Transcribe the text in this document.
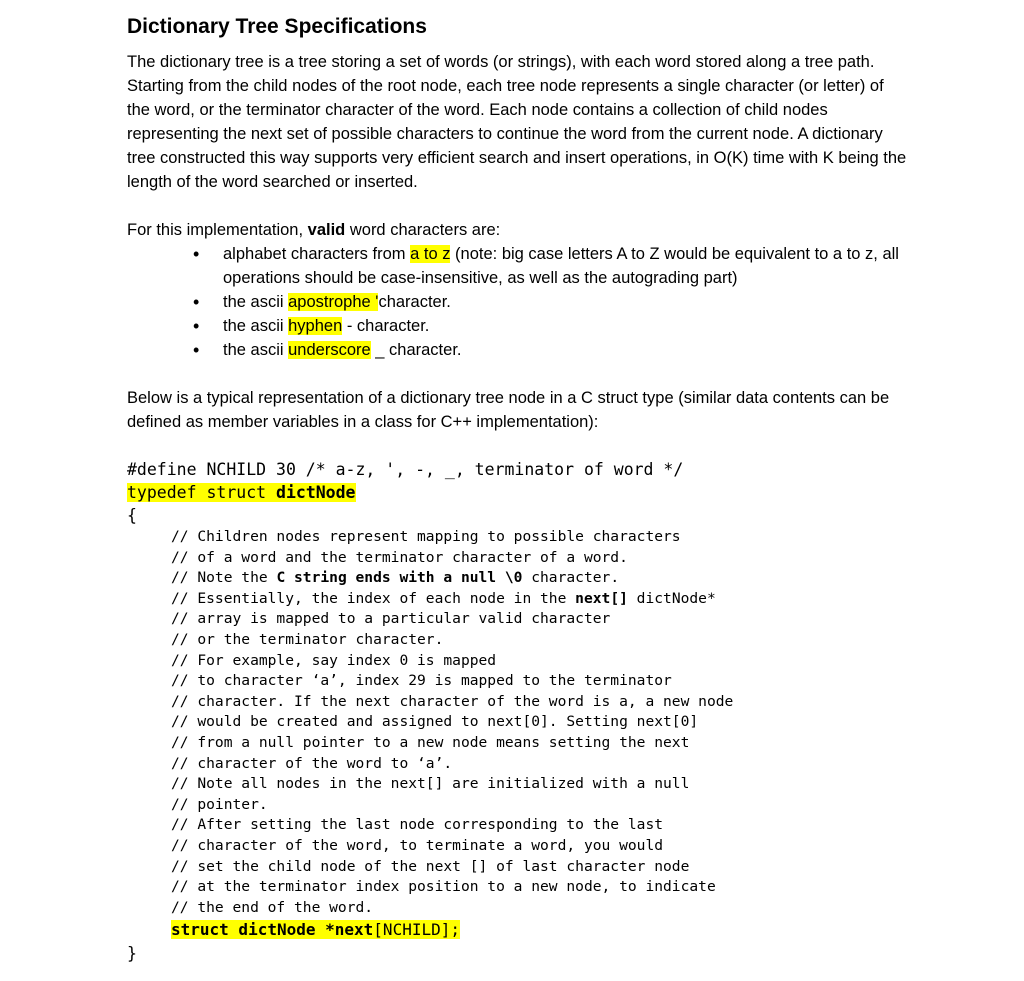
Dictionary Tree Specifications

The dictionary tree is a tree storing a set of words (or strings), with each word stored along a tree path. Starting from the child nodes of the root node, each tree node represents a single character (or letter) of the word, or the terminator character of the word. Each node contains a collection of child nodes representing the next set of possible characters to continue the word from the current node. A dictionary tree constructed this way supports very efficient search and insert operations, in O(K) time with K being the length of the word searched or inserted.

For this implementation, valid word characters are:

• alphabet characters from a to z (note: big case letters A to Z would be equivalent to a to z, all operations should be case-insensitive, as well as the autograding part)
• the ascii apostrophe 'character.
• the ascii hyphen - character.
• the ascii underscore _ character.

Below is a typical representation of a dictionary tree node in a C struct type (similar data contents can be defined as member variables in a class for C++ implementation):

#define NCHILD 30 /* a-z, ', -, _, terminator of word */
typedef struct dictNode
{
// Children nodes represent mapping to possible characters
// of a word and the terminator character of a word.
// Note the C string ends with a null \0 character.
// Essentially, the index of each node in the next[] dictNode*
// array is mapped to a particular valid character
// or the terminator character.
// For example, say index 0 is mapped
// to character ‘a’, index 29 is mapped to the terminator
// character. If the next character of the word is a, a new node
// would be created and assigned to next[0]. Setting next[0]
// from a null pointer to a new node means setting the next
// character of the word to ‘a’.
// Note all nodes in the next[] are initialized with a null
// pointer.
// After setting the last node corresponding to the last
// character of the word, to terminate a word, you would
// set the child node of the next [] of last character node
// at the terminator index position to a new node, to indicate
// the end of the word.
struct dictNode *next[NCHILD];
}
